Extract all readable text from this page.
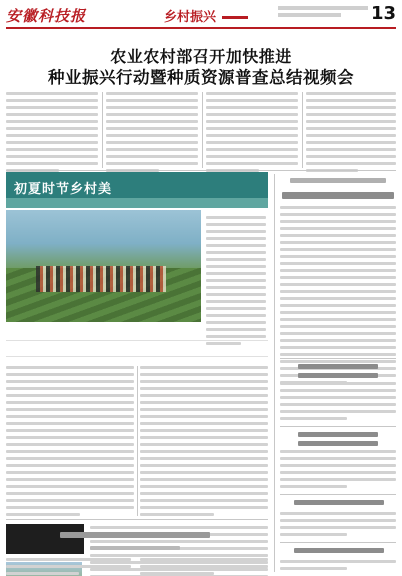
安徽科技报	乡村振兴	13
农业农村部召开加快推进
种业振兴行动暨种质资源普查总结视频会
初夏时节乡村美
